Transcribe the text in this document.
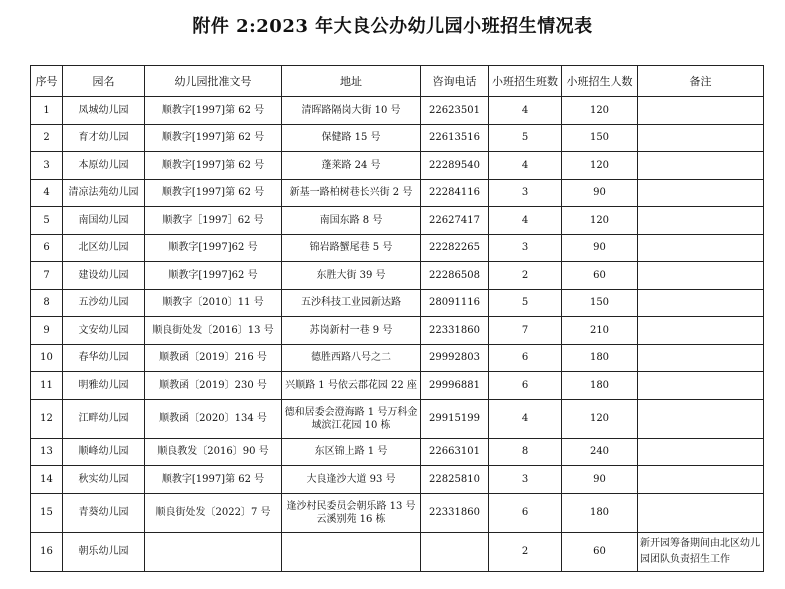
附件 2:2023 年大良公办幼儿园小班招生情况表
序号	园名	幼儿园批准文号	地址	咨询电话	小班招生班数	小班招生人数	备注
1	凤城幼儿园	顺教字[1997]第 62 号	清晖路隔岗大街 10 号	22623501	4	120	
2	育才幼儿园	顺教字[1997]第 62 号	保健路 15 号	22613516	5	150	
3	本原幼儿园	顺教字[1997]第 62 号	蓬莱路 24 号	22289540	4	120	
4	清凉法苑幼儿园	顺教字[1997]第 62 号	新基一路柏树巷长兴街 2 号	22284116	3	90	
5	南国幼儿园	顺教字［1997］62 号	南国东路 8 号	22627417	4	120	
6	北区幼儿园	顺教字[1997]62 号	锦岩路蟹尾巷 5 号	22282265	3	90	
7	建设幼儿园	顺教字[1997]62 号	东胜大街 39 号	22286508	2	60	
8	五沙幼儿园	顺教字〔2010〕11 号	五沙科技工业园新达路	28091116	5	150	
9	文安幼儿园	顺良街处发〔2016〕13 号	苏岗新村一巷 9 号	22331860	7	210	
10	春华幼儿园	顺教函〔2019〕216 号	德胜西路八号之二	29992803	6	180	
11	明雅幼儿园	顺教函〔2019〕230 号	兴顺路 1 号依云郡花园 22 座	29996881	6	180	
12	江畔幼儿园	顺教函〔2020〕134 号	德和居委会澄海路 1 号万科金域滨江花园 10 栋	29915199	4	120	
13	顺峰幼儿园	顺良教发〔2016〕90 号	东区锦上路 1 号	22663101	8	240	
14	秋实幼儿园	顺教字[1997]第 62 号	大良逢沙大道 93 号	22825810	3	90	
15	青葵幼儿园	顺良街处发〔2022〕7 号	逢沙村民委员会朝乐路 13 号云溪别苑 16 栋	22331860	6	180	
16	朝乐幼儿园				2	60	新开园筹备期间由北区幼儿园团队负责招生工作
